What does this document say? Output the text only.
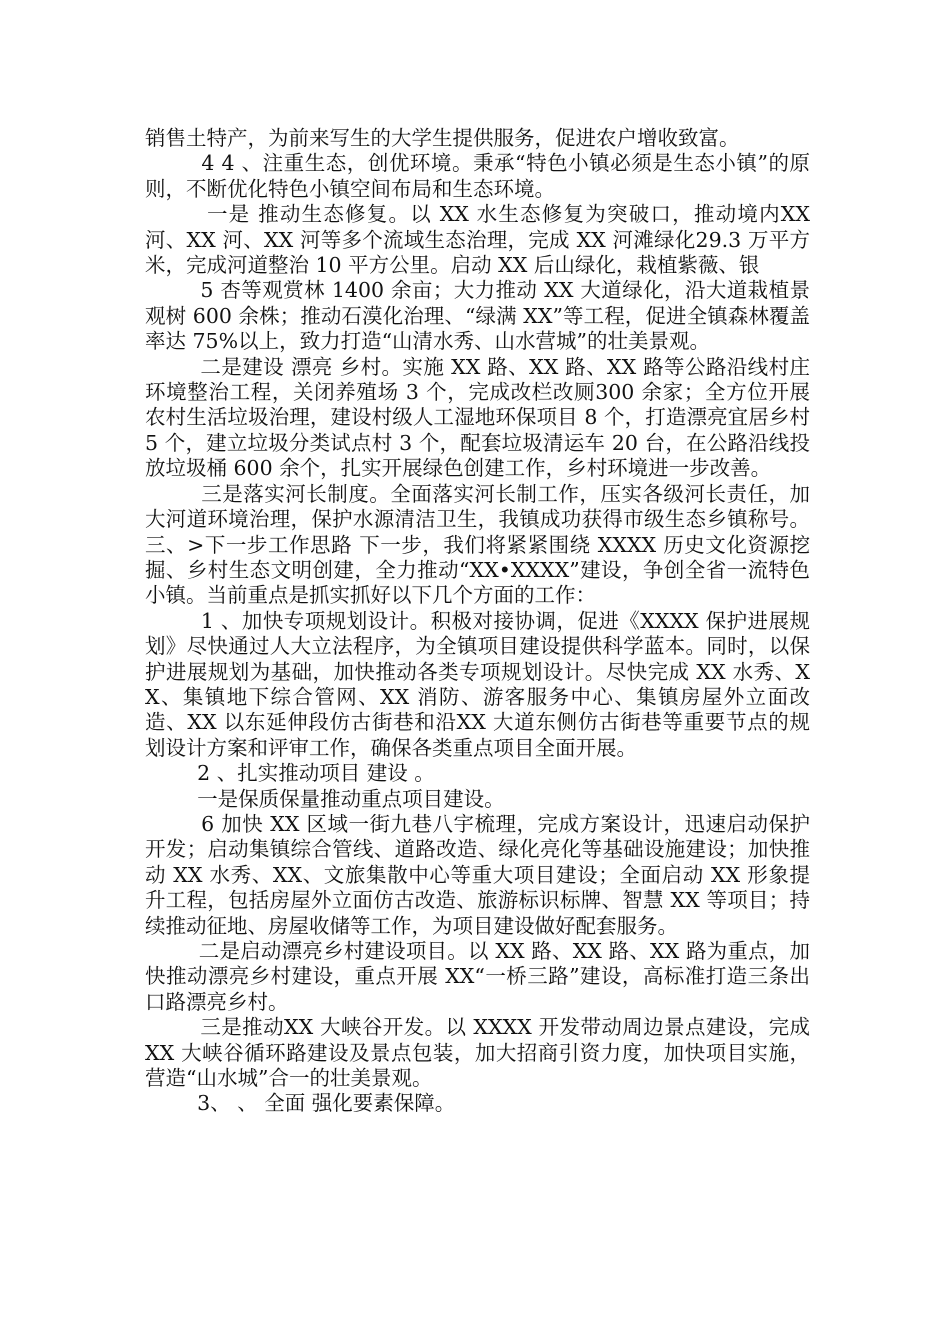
销售土特产，为前来写生的大学生提供服务，促进农户增收致富。

4 4 、注重生态，创优环境。秉承“特色小镇必须是生态小镇”的原则，不断优化特色小镇空间布局和生态环境。

一是 推动生态修复。以 XX 水生态修复为突破口，推动境内XX 河、XX 河、XX 河等多个流域生态治理，完成 XX 河滩绿化29.3 万平方米，完成河道整治 10 平方公里。启动 XX 后山绿化，栽植紫薇、银

5 杏等观赏林 1400 余亩；大力推动 XX 大道绿化，沿大道栽植景观树 600 余株；推动石漠化治理、“绿满 XX”等工程，促进全镇森林覆盖率达 75%以上，致力打造“山清水秀、山水营城”的壮美景观。

二是建设 漂亮 乡村。实施 XX 路、XX 路、XX 路等公路沿线村庄环境整治工程，关闭养殖场 3 个，完成改栏改厕300 余家；全方位开展农村生活垃圾治理，建设村级人工湿地环保项目 8 个，打造漂亮宜居乡村 5 个，建立垃圾分类试点村 3 个，配套垃圾清运车 20 台，在公路沿线投放垃圾桶 600 余个，扎实开展绿色创建工作，乡村环境进一步改善。

三是落实河长制度。全面落实河长制工作，压实各级河长责任，加大河道环境治理，保护水源清洁卫生，我镇成功获得市级生态乡镇称号。三、>下一步工作思路 下一步，我们将紧紧围绕 XXXX 历史文化资源挖掘、乡村生态文明创建，全力推动“XX•XXXX”建设，争创全省一流特色小镇。当前重点是抓实抓好以下几个方面的工作：

1 、加快专项规划设计。积极对接协调，促进《XXXX 保护进展规划》尽快通过人大立法程序，为全镇项目建设提供科学蓝本。同时，以保护进展规划为基础，加快推动各类专项规划设计。尽快完成 XX 水秀、XX、集镇地下综合管网、XX 消防、游客服务中心、集镇房屋外立面改造、XX 以东延伸段仿古街巷和沿XX 大道东侧仿古街巷等重要节点的规划设计方案和评审工作，确保各类重点项目全面开展。

2 、扎实推动项目 建设 。

一是保质保量推动重点项目建设。

6 加快 XX 区域一街九巷八宇梳理，完成方案设计，迅速启动保护开发；启动集镇综合管线、道路改造、绿化亮化等基础设施建设；加快推动 XX 水秀、XX、文旅集散中心等重大项目建设；全面启动 XX 形象提升工程，包括房屋外立面仿古改造、旅游标识标牌、智慧 XX 等项目；持续推动征地、房屋收储等工作，为项目建设做好配套服务。

二是启动漂亮乡村建设项目。以 XX 路、XX 路、XX 路为重点，加快推动漂亮乡村建设，重点开展 XX“一桥三路”建设，高标准打造三条出口路漂亮乡村。

三是推动XX 大峡谷开发。以 XXXX 开发带动周边景点建设，完成 XX 大峡谷循环路建设及景点包装，加大招商引资力度，加快项目实施，营造“山水城”合一的壮美景观。

3、 、 全面 强化要素保障。
